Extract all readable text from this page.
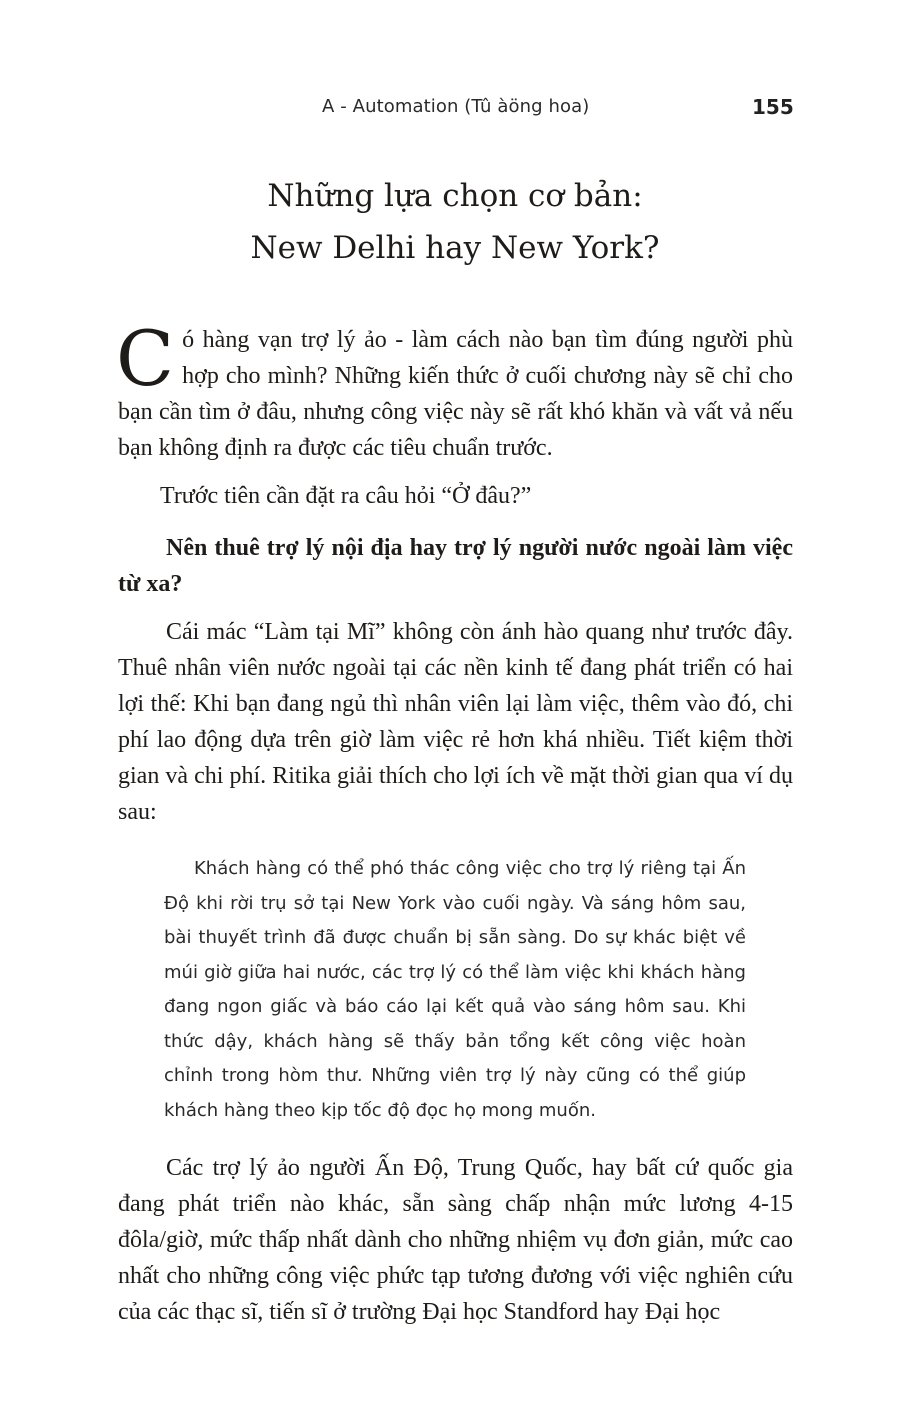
A - Automation (Tû àöng hoa)	155
Những lựa chọn cơ bản:
New Delhi hay New York?
C ó hàng vạn trợ lý ảo - làm cách nào bạn tìm đúng người phù hợp cho mình? Những kiến thức ở cuối chương này sẽ chỉ cho bạn cần tìm ở đâu, nhưng công việc này sẽ rất khó khăn và vất vả nếu bạn không định ra được các tiêu chuẩn trước.
Trước tiên cần đặt ra câu hỏi “Ở đâu?”
Nên thuê trợ lý nội địa hay trợ lý người nước ngoài làm việc từ xa?
Cái mác “Làm tại Mĩ” không còn ánh hào quang như trước đây. Thuê nhân viên nước ngoài tại các nền kinh tế đang phát triển có hai lợi thế: Khi bạn đang ngủ thì nhân viên lại làm việc, thêm vào đó, chi phí lao động dựa trên giờ làm việc rẻ hơn khá nhiều. Tiết kiệm thời gian và chi phí. Ritika giải thích cho lợi ích về mặt thời gian qua ví dụ sau:
Khách hàng có thể phó thác công việc cho trợ lý riêng tại Ấn Độ khi rời trụ sở tại New York vào cuối ngày. Và sáng hôm sau, bài thuyết trình đã được chuẩn bị sẵn sàng. Do sự khác biệt về múi giờ giữa hai nước, các trợ lý có thể làm việc khi khách hàng đang ngon giấc và báo cáo lại kết quả vào sáng hôm sau. Khi thức dậy, khách hàng sẽ thấy bản tổng kết công việc hoàn chỉnh trong hòm thư. Những viên trợ lý này cũng có thể giúp khách hàng theo kịp tốc độ đọc họ mong muốn.
Các trợ lý ảo người Ấn Độ, Trung Quốc, hay bất cứ quốc gia đang phát triển nào khác, sẵn sàng chấp nhận mức lương 4-15 đôla/giờ, mức thấp nhất dành cho những nhiệm vụ đơn giản, mức cao nhất cho những công việc phức tạp tương đương với việc nghiên cứu của các thạc sĩ, tiến sĩ ở trường Đại học Standford hay Đại học
